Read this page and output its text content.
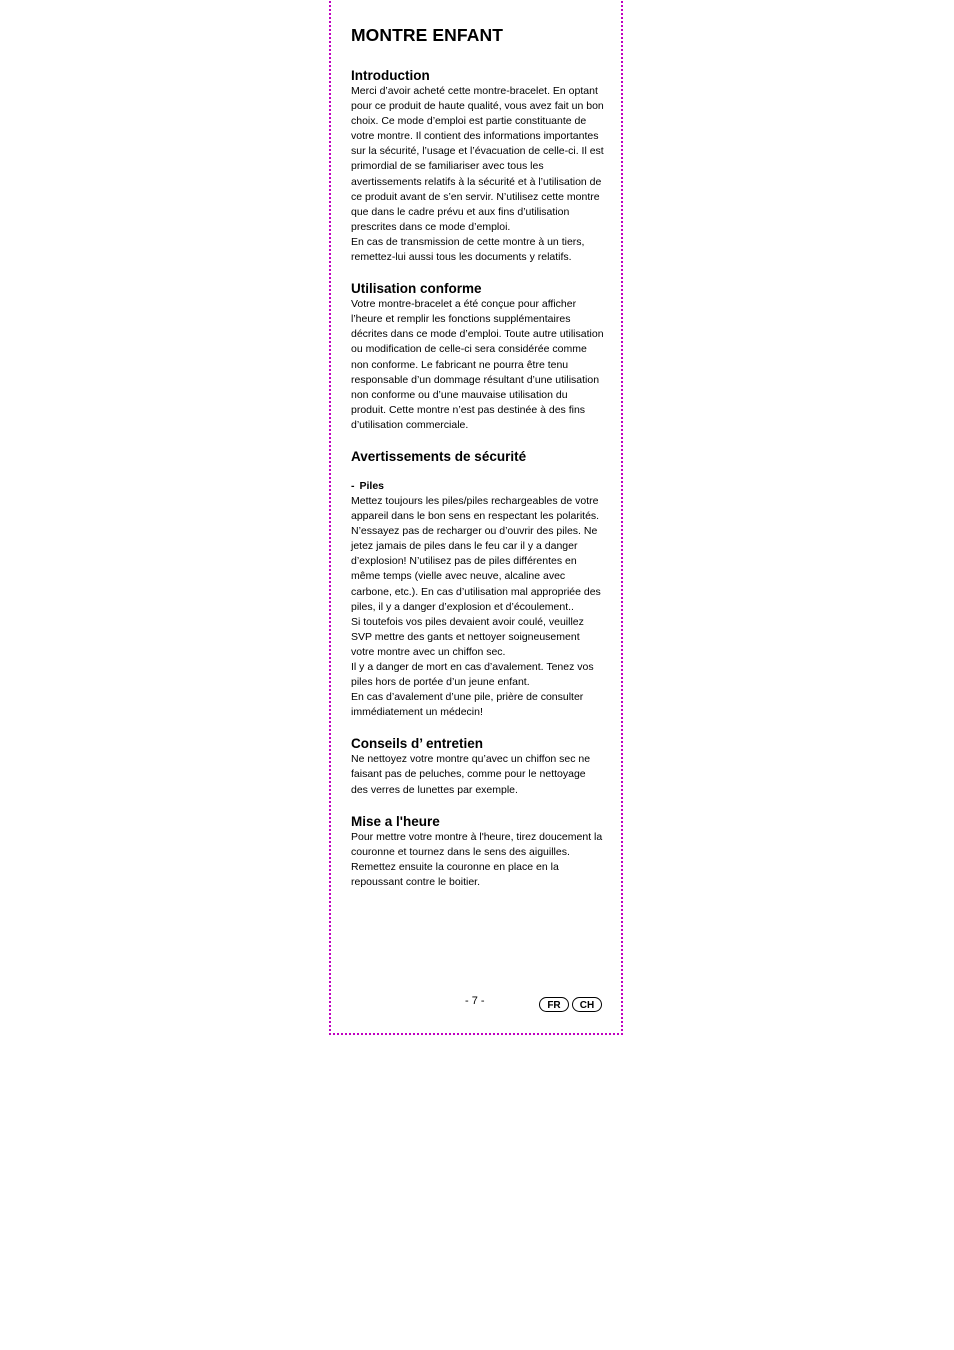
MONTRE ENFANT
Introduction

Merci d’avoir acheté cette montre-bracelet. En optant pour ce produit de haute qualité, vous avez fait un bon choix. Ce mode d’emploi est partie constituante de votre montre. Il contient des informations importantes sur la sécurité, l’usage et l’évacuation de celle-ci. Il est primordial de se familiariser avec tous les avertissements relatifs à la sécurité et à l’utilisation de ce produit avant de s’en servir. N’utilisez cette montre que dans le cadre prévu et aux fins d’utilisation prescrites dans ce mode d’emploi.

En cas de transmission de cette montre à un tiers, remettez-lui aussi tous les documents y relatifs.

Utilisation conforme

Votre montre-bracelet a été conçue pour afficher l’heure et remplir les fonctions supplémentaires décrites dans ce mode d’emploi. Toute autre utilisation ou modification de celle-ci sera considérée comme non conforme. Le fabricant ne pourra être tenu responsable d’un dommage résultant d’une utilisation non conforme ou d’une mauvaise utilisation du produit. Cette montre n’est pas destinée à des fins d’utilisation commerciale.

Avertissements de sécurité
- Piles

Mettez toujours les piles/piles rechargeables de votre appareil dans le bon sens en respectant les polarités. N’essayez pas de recharger ou d’ouvrir des piles. Ne jetez jamais de piles dans le feu car il y a danger d’explosion! N’utilisez pas de piles différentes en même temps (vielle avec neuve, alcaline avec carbone, etc.). En cas d’utilisation mal appropriée des piles, il y a danger d’explosion et d’écoulement..

Si toutefois vos piles devaient avoir coulé, veuillez SVP mettre des gants et nettoyer soigneusement votre montre avec un chiffon sec.

Il y a danger de mort en cas d’avalement. Tenez vos piles hors de portée d’un jeune enfant.

En cas d’avalement d’une pile, prière de consulter immédiatement un médecin!

Conseils d’ entretien

Ne nettoyez votre montre qu’avec un chiffon sec ne faisant pas de peluches, comme pour le nettoyage des verres de lunettes par exemple.

Mise a l'heure

Pour mettre votre montre à l'heure, tirez doucement la couronne et tournez dans le sens des aiguilles. Remettez ensuite la couronne en place en la repoussant contre le boitier.

- 7 -	FR	CH
